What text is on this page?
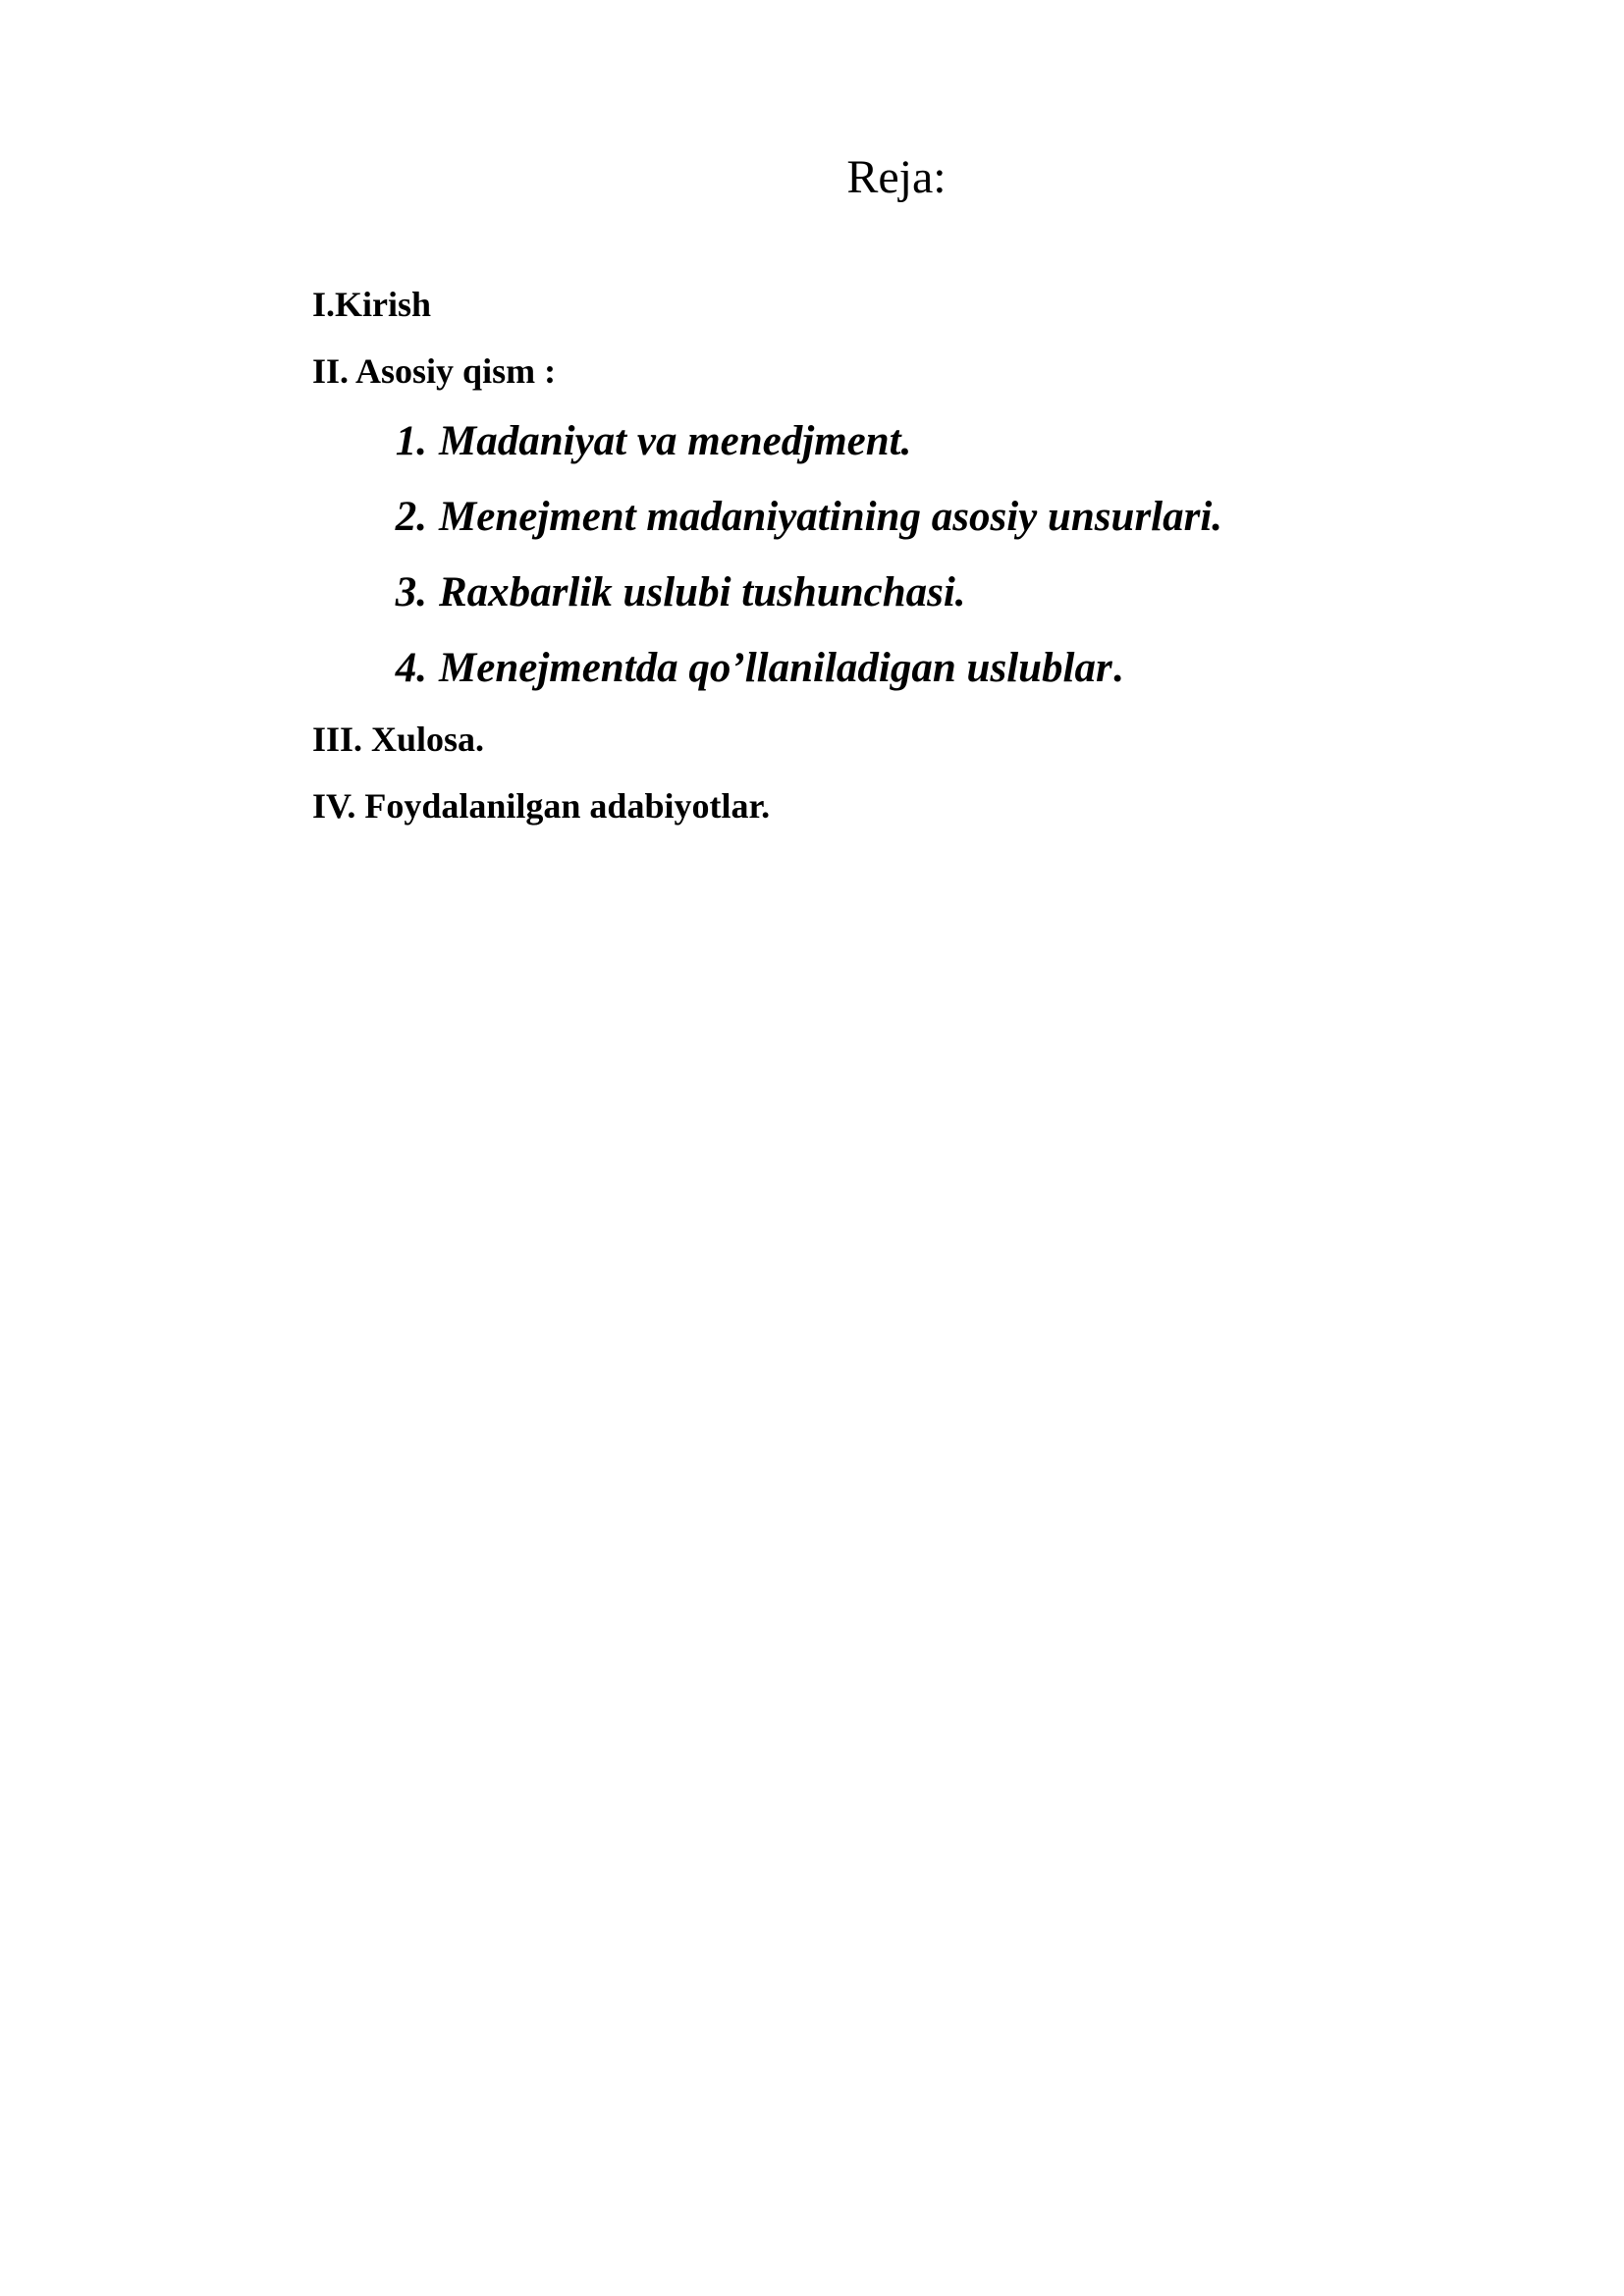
Reja:

I.Kirish

II. Asosiy qism :

1. Madaniyat va menedjment.
2. Menejment madaniyatining asosiy unsurlari.
3. Raxbarlik uslubi tushunchasi.
4. Menejmentda qo’llaniladigan uslublar.

III. Xulosa.

IV. Foydalanilgan adabiyotlar.
